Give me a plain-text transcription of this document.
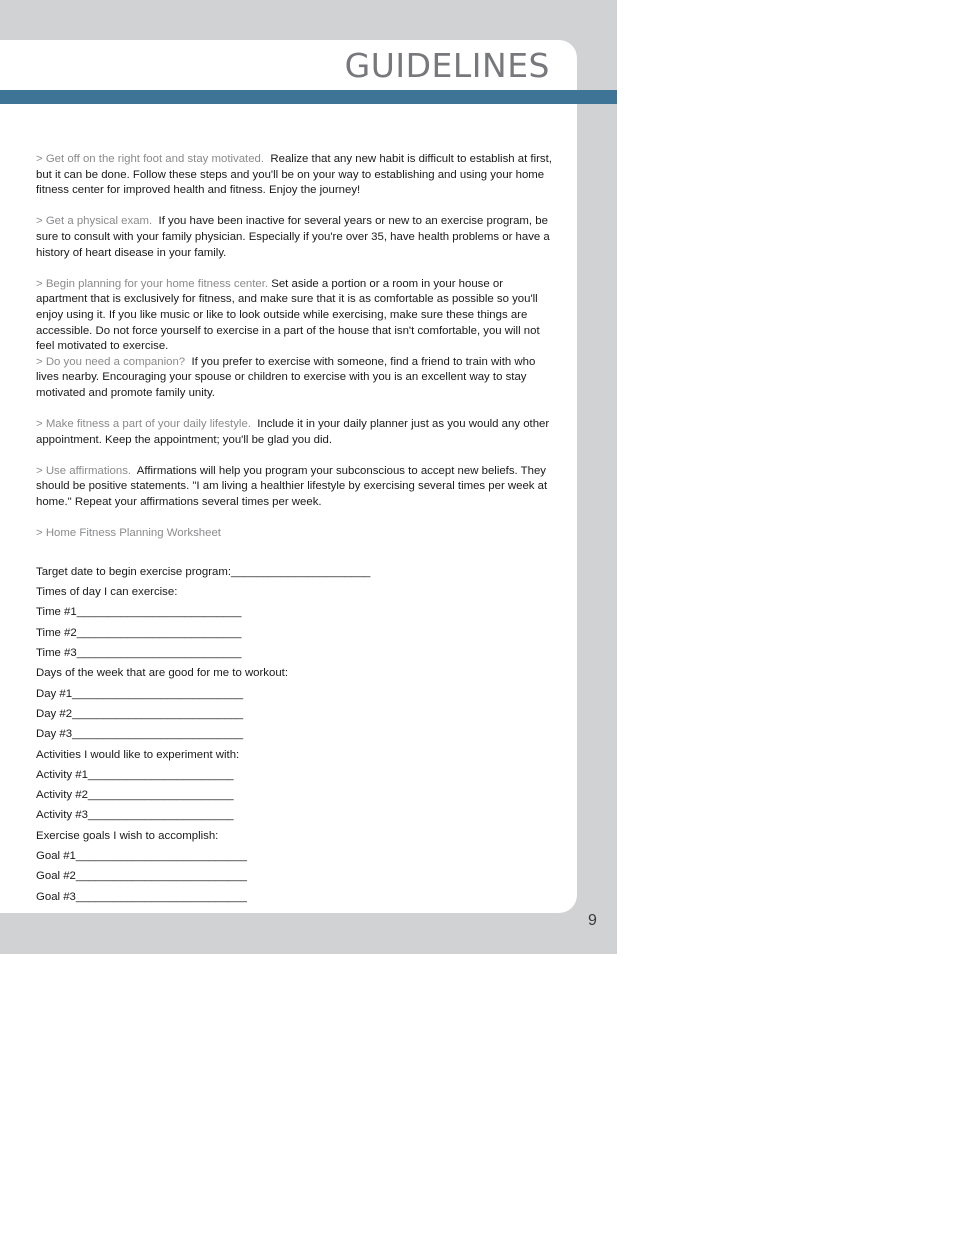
GUIDELINES

> Get off on the right foot and stay motivated. Realize that any new habit is difficult to establish at first, but it can be done. Follow these steps and you'll be on your way to establishing and using your home fitness center for improved health and fitness. Enjoy the journey!

> Get a physical exam. If you have been inactive for several years or new to an exercise program, be sure to consult with your family physician. Especially if you're over 35, have health problems or have a history of heart disease in your family.

> Begin planning for your home fitness center. Set aside a portion or a room in your house or apartment that is exclusively for fitness, and make sure that it is as comfortable as possible so you'll enjoy using it. If you like music or like to look outside while exercising, make sure these things are accessible. Do not force yourself to exercise in a part of the house that isn't comfortable, you will not feel motivated to exercise.

> Do you need a companion? If you prefer to exercise with someone, find a friend to train with who lives nearby. Encouraging your spouse or children to exercise with you is an excellent way to stay motivated and promote family unity.

> Make fitness a part of your daily lifestyle. Include it in your daily planner just as you would any other appointment. Keep the appointment; you'll be glad you did.

> Use affirmations. Affirmations will help you program your subconscious to accept new beliefs. They should be positive statements. "I am living a healthier lifestyle by exercising several times per week at home." Repeat your affirmations several times per week.

> Home Fitness Planning Worksheet

Target date to begin exercise program:______________________
Times of day I can exercise:
Time #1__________________________
Time #2__________________________
Time #3__________________________
Days of the week that are good for me to workout:
Day #1___________________________
Day #2___________________________
Day #3___________________________
Activities I would like to experiment with:
Activity #1_______________________
Activity #2_______________________
Activity #3_______________________
Exercise goals I wish to accomplish:
Goal #1___________________________
Goal #2___________________________
Goal #3___________________________
9
